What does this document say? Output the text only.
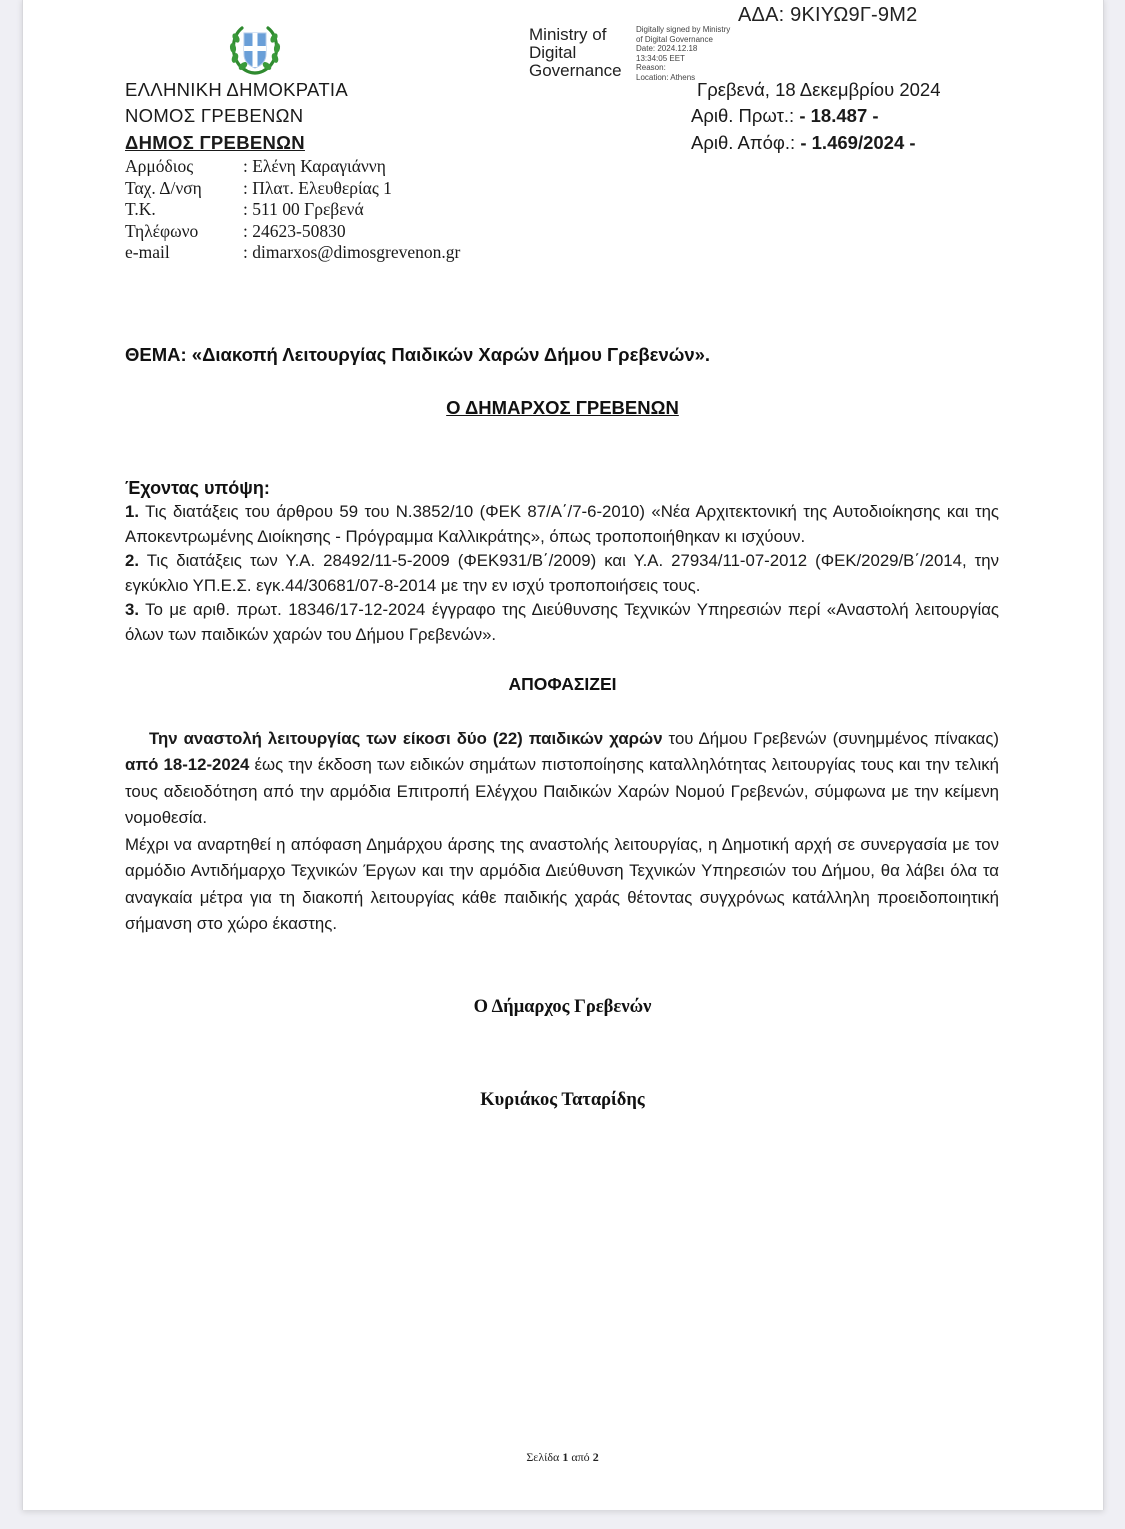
Ministry of
Digital
Governance
Digitally signed by Ministry
of Digital Governance
Date: 2024.12.18
13:34:05 EET
Reason:
Location: Athens
ΑΔΑ: 9ΚΙΥΩ9Γ-9Μ2
ΕΛΛΗΝΙΚΗ ΔΗΜΟΚΡΑΤΙΑ
ΝΟΜΟΣ ΓΡΕΒΕΝΩΝ
ΔΗΜΟΣ ΓΡΕΒΕΝΩΝ
Αρμόδιος	: Ελένη Καραγιάννη
Ταχ. Δ/νση	: Πλατ. Ελευθερίας 1
Τ.Κ.	: 511 00 Γρεβενά
Τηλέφωνο	: 24623-50830
e-mail	: dimarxos@dimosgrevenon.gr
Γρεβενά, 18 Δεκεμβρίου 2024
Αριθ. Πρωτ.: - 18.487 -
Αριθ. Απόφ.: - 1.469/2024 -
ΘΕΜΑ: «Διακοπή Λειτουργίας Παιδικών Χαρών Δήμου Γρεβενών».
Ο ΔΗΜΑΡΧΟΣ ΓΡΕΒΕΝΩΝ
Έχοντας υπόψη:
1. Τις διατάξεις του άρθρου 59 του Ν.3852/10 (ΦΕΚ 87/Α΄/7-6-2010) «Νέα Αρχιτεκτονική της Αυτοδιοίκησης και της Αποκεντρωμένης Διοίκησης - Πρόγραμμα Καλλικράτης», όπως τροποποιήθηκαν κι ισχύουν.
2. Τις διατάξεις των Υ.Α. 28492/11-5-2009 (ΦΕΚ931/Β΄/2009) και Υ.Α. 27934/11-07-2012 (ΦΕΚ/2029/Β΄/2014, την εγκύκλιο ΥΠ.Ε.Σ. εγκ.44/30681/07-8-2014 με την εν ισχύ τροποποιήσεις τους.
3. Το με αριθ. πρωτ. 18346/17-12-2024 έγγραφο της Διεύθυνσης Τεχνικών Υπηρεσιών περί «Αναστολή λειτουργίας όλων των παιδικών χαρών του Δήμου Γρεβενών».
ΑΠΟΦΑΣΙΖΕΙ
Την αναστολή λειτουργίας των είκοσι δύο (22) παιδικών χαρών του Δήμου Γρεβενών (συνημμένος πίνακας) από 18-12-2024 έως την έκδοση των ειδικών σημάτων πιστοποίησης καταλληλότητας λειτουργίας τους και την τελική τους αδειοδότηση από την αρμόδια Επιτροπή Ελέγχου Παιδικών Χαρών Νομού Γρεβενών, σύμφωνα με την κείμενη νομοθεσία.
Μέχρι να αναρτηθεί η απόφαση Δημάρχου άρσης της αναστολής λειτουργίας, η Δημοτική αρχή σε συνεργασία με τον αρμόδιο Αντιδήμαρχο Τεχνικών Έργων και την αρμόδια Διεύθυνση Τεχνικών Υπηρεσιών του Δήμου, θα λάβει όλα τα αναγκαία μέτρα για τη διακοπή λειτουργίας κάθε παιδικής χαράς θέτοντας συγχρόνως κατάλληλη προειδοποιητική σήμανση στο χώρο έκαστης.
Ο Δήμαρχος Γρεβενών
Κυριάκος Ταταρίδης
Σελίδα 1 από 2
